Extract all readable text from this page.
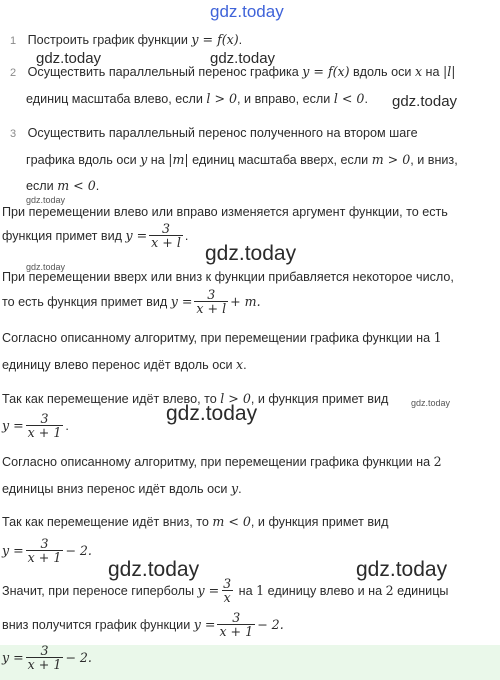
gdz.today
1 Построить график функции y = f(x).
gdz.today	gdz.today
2 Осуществить параллельный перенос графика y = f(x) вдоль оси x на |l|
единиц масштаба влево, если l > 0, и вправо, если l < 0. gdz.today
3 Осуществить параллельный перенос полученного на втором шаге
графика вдоль оси y на |m| единиц масштаба вверх, если m > 0, и вниз,
если m < 0.
gdz.today
При перемещении влево или вправо изменяется аргумент функции, то есть
функция примет вид $y = \frac{3}{x + l}$ .
gdz.today
gdz.today
При перемещении вверх или вниз к функции прибавляется некоторое число,
то есть функция примет вид $y = \frac{3}{x + l} + m$.
Согласно описанному алгоритму, при перемещении графика функции на 1
единицу влево перенос идёт вдоль оси x.
Так как перемещение идёт влево, то l > 0, и функция примет вид	gdz.today
gdz.today
$y = \frac{3}{x + 1}$ .
Согласно описанному алгоритму, при перемещении графика функции на 2
единицы вниз перенос идёт вдоль оси y.
Так как перемещение идёт вниз, то m < 0, и функция примет вид
$y = \frac{3}{x + 1} - 2$.
gdz.today	gdz.today
Значит, при переносе гиперболы $y = \frac{3}{x}$ на 1 единицу влево и на 2 единицы
вниз получится график функции $y = \frac{3}{x + 1} - 2$.
$y = \frac{3}{x + 1} - 2$.
